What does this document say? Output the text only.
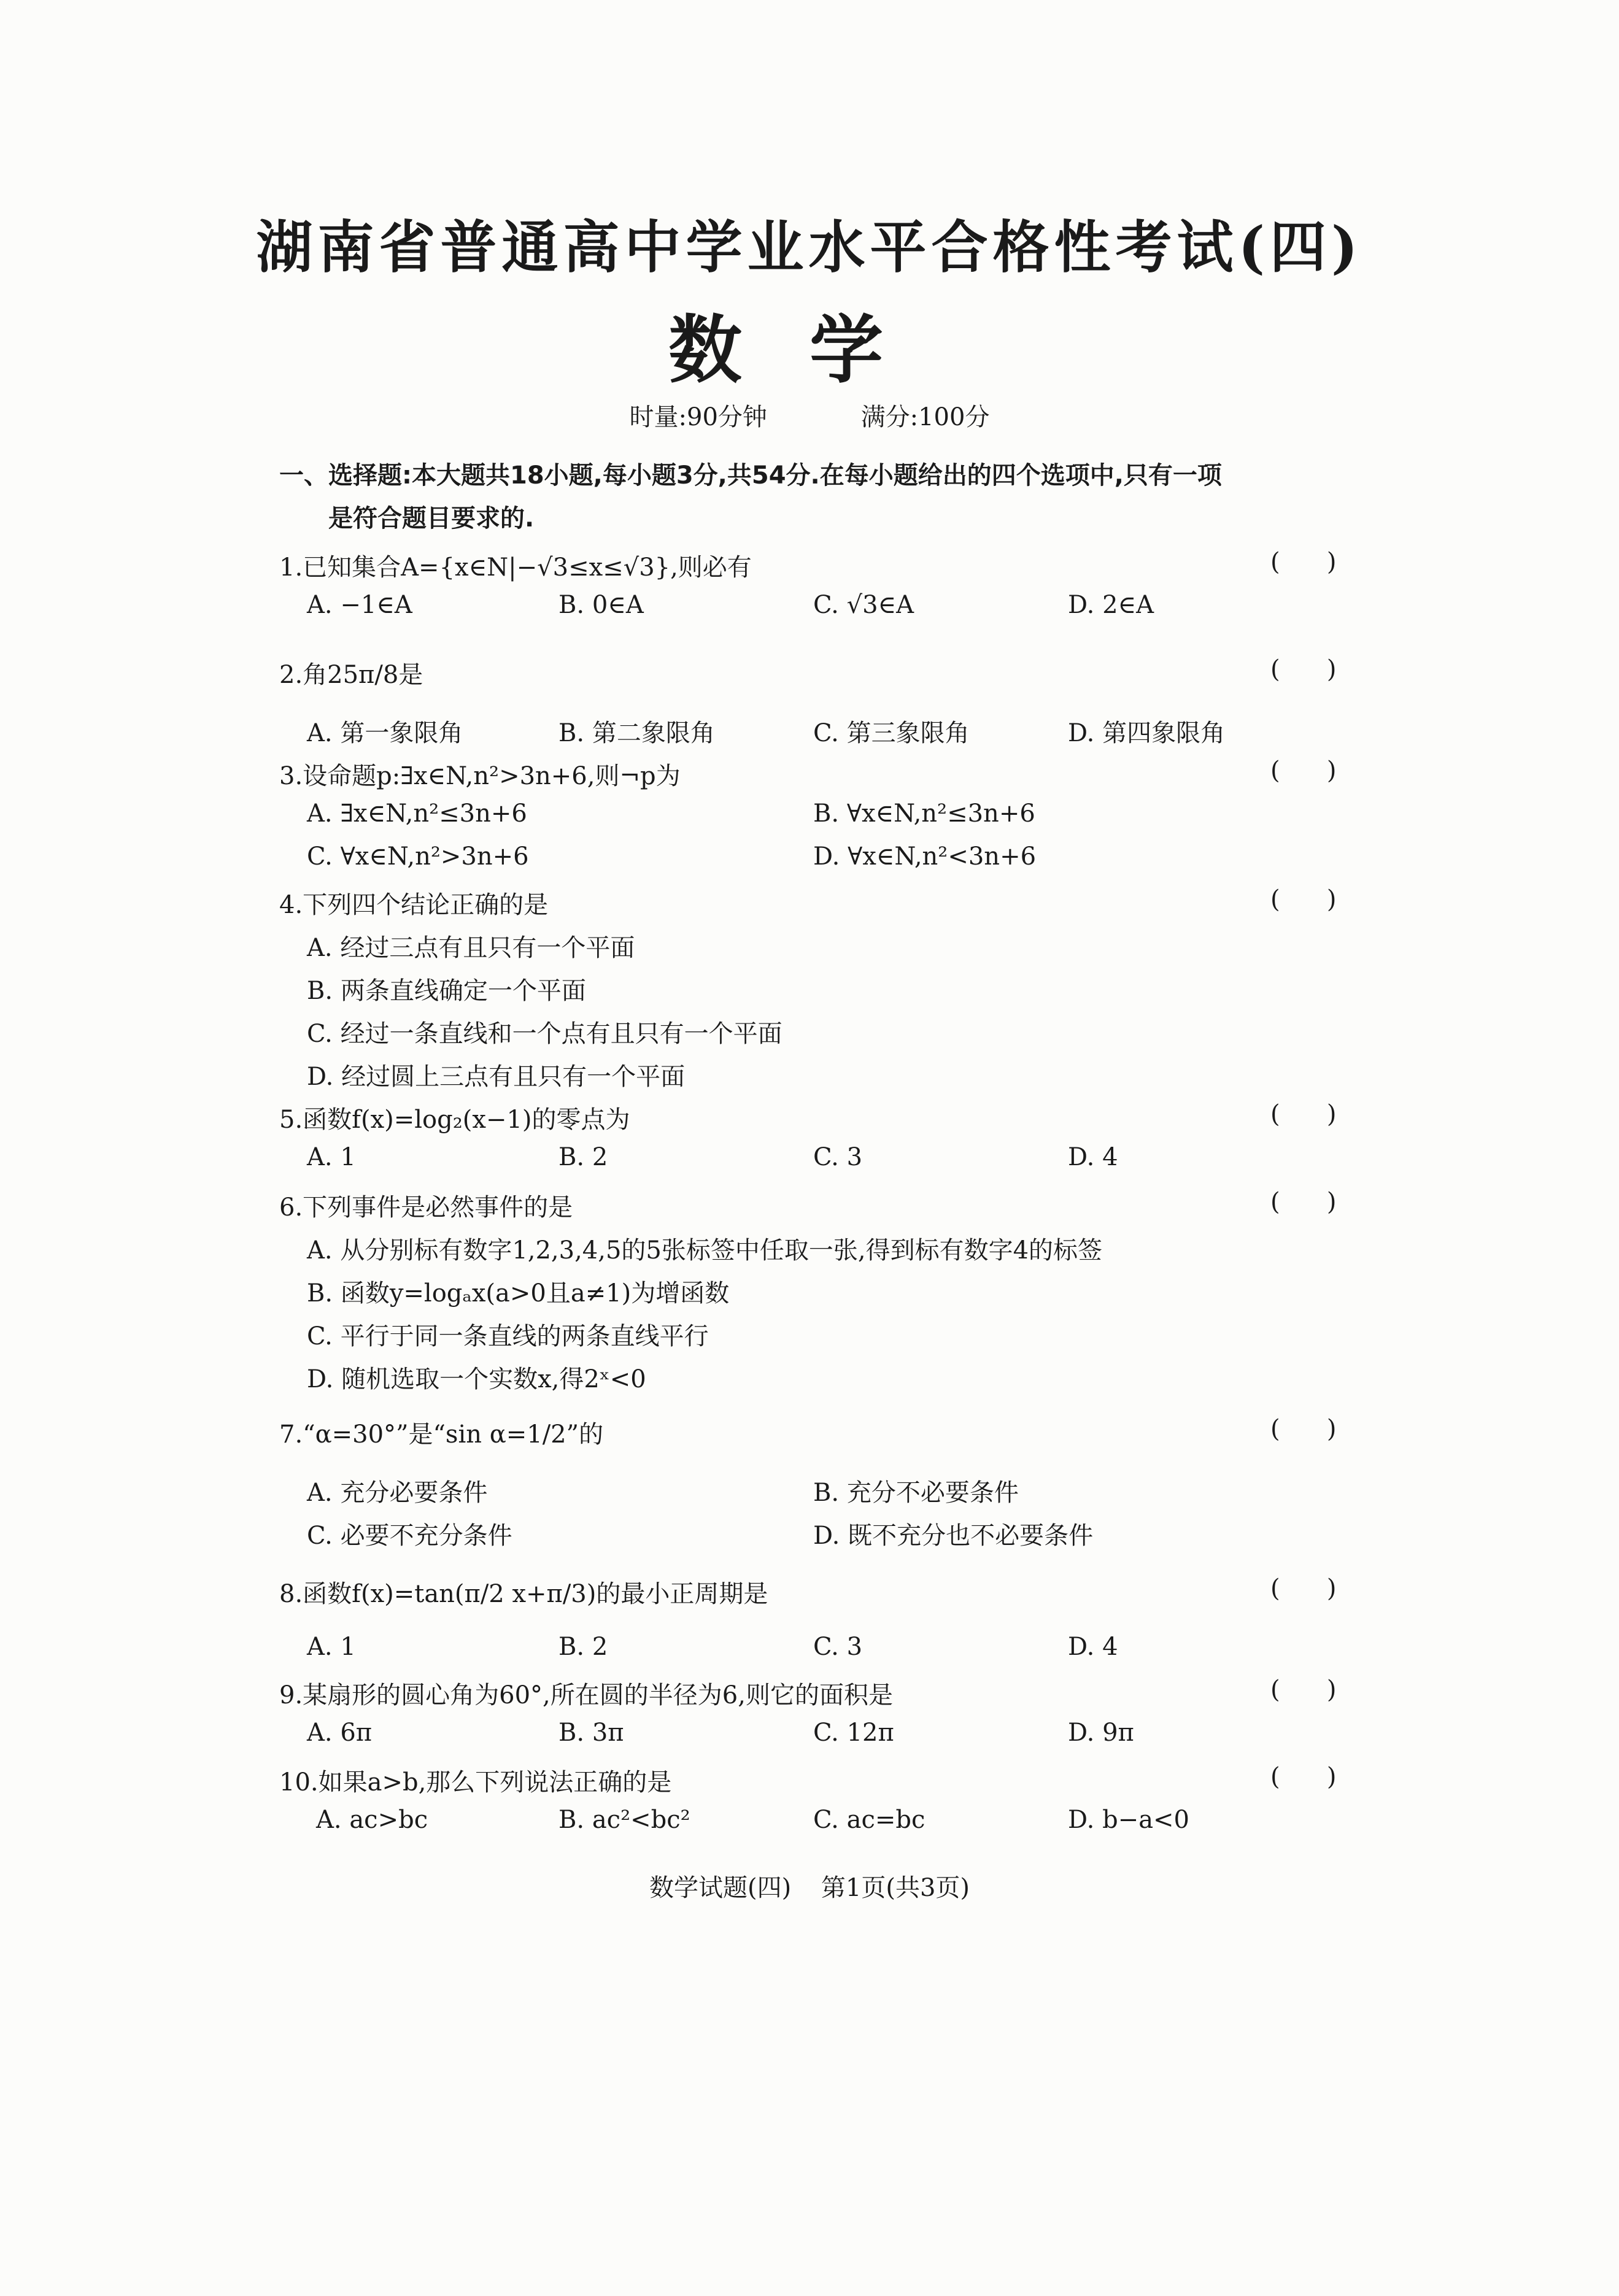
湖南省普通高中学业水平合格性考试(四)
数学
时量:90分钟	满分:100分
一、选择题:本大题共18小题,每小题3分,共54分.在每小题给出的四个选项中,只有一项
是符合题目要求的.
1.已知集合A={x∈N|−√3≤x≤√3},则必有	(      )
A. −1∈A	B. 0∈A	C. √3∈A	D. 2∈A
2.角25π/8是	(      )
A. 第一象限角	B. 第二象限角	C. 第三象限角	D. 第四象限角
3.设命题p:∃x∈N,n²>3n+6,则¬p为	(      )
A. ∃x∈N,n²≤3n+6	B. ∀x∈N,n²≤3n+6
C. ∀x∈N,n²>3n+6	D. ∀x∈N,n²<3n+6
4.下列四个结论正确的是	(      )
A. 经过三点有且只有一个平面
B. 两条直线确定一个平面
C. 经过一条直线和一个点有且只有一个平面
D. 经过圆上三点有且只有一个平面
5.函数f(x)=log₂(x−1)的零点为	(      )
A. 1	B. 2	C. 3	D. 4
6.下列事件是必然事件的是	(      )
A. 从分别标有数字1,2,3,4,5的5张标签中任取一张,得到标有数字4的标签
B. 函数y=logₐx(a>0且a≠1)为增函数
C. 平行于同一条直线的两条直线平行
D. 随机选取一个实数x,得2ˣ<0
7.“α=30°”是“sin α=1/2”的	(      )
A. 充分必要条件	B. 充分不必要条件
C. 必要不充分条件	D. 既不充分也不必要条件
8.函数f(x)=tan(π/2 x+π/3)的最小正周期是	(      )
A. 1	B. 2	C. 3	D. 4
9.某扇形的圆心角为60°,所在圆的半径为6,则它的面积是	(      )
A. 6π	B. 3π	C. 12π	D. 9π
10.如果a>b,那么下列说法正确的是	(      )
A. ac>bc	B. ac²<bc²	C. ac=bc	D. b−a<0
数学试题(四) 第1页(共3页)
